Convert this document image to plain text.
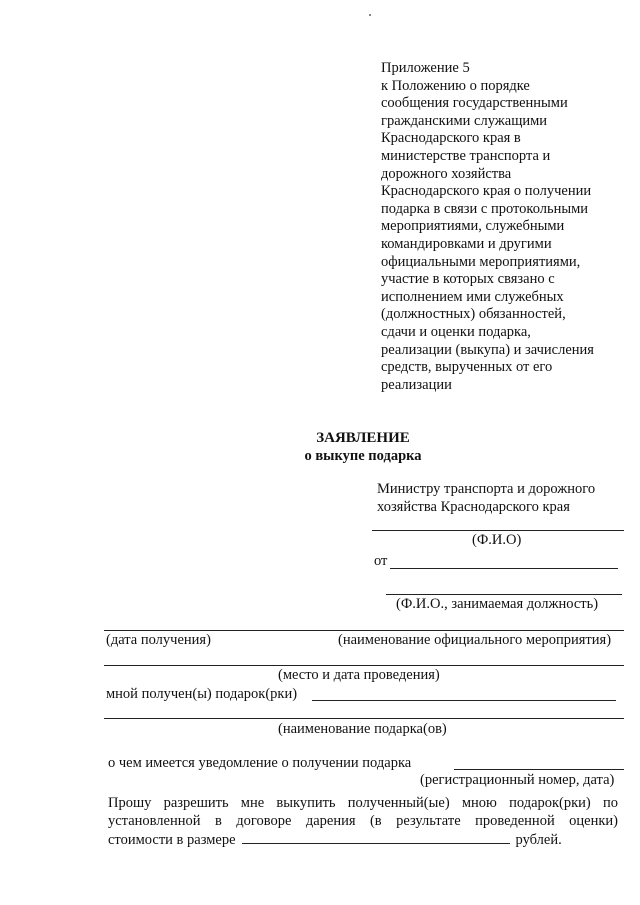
Приложение 5
к Положению о порядке
сообщения государственными
гражданскими служащими
Краснодарского края в
министерстве транспорта и
дорожного хозяйства
Краснодарского края о получении
подарка в связи с протокольными
мероприятиями, служебными
командировками и другими
официальными мероприятиями,
участие в которых связано с
исполнением ими служебных
(должностных) обязанностей,
сдачи и оценки подарка,
реализации (выкупа) и зачисления
средств, вырученных от его
реализации
ЗАЯВЛЕНИЕ
о выкупе подарка
Министру транспорта и дорожного
хозяйства Краснодарского края
(Ф.И.О)
от
(Ф.И.О., занимаемая должность)
(дата получения)	(наименование официального мероприятия)
(место и дата проведения)
мной получен(ы) подарок(рки)
(наименование подарка(ов)
о чем имеется уведомление о получении подарка
(регистрационный номер, дата)
Прошу разрешить мне выкупить полученный(ые) мною подарок(рки) по
установленной в договоре дарения (в результате проведенной оценки)
стоимости в размере	рублей.
